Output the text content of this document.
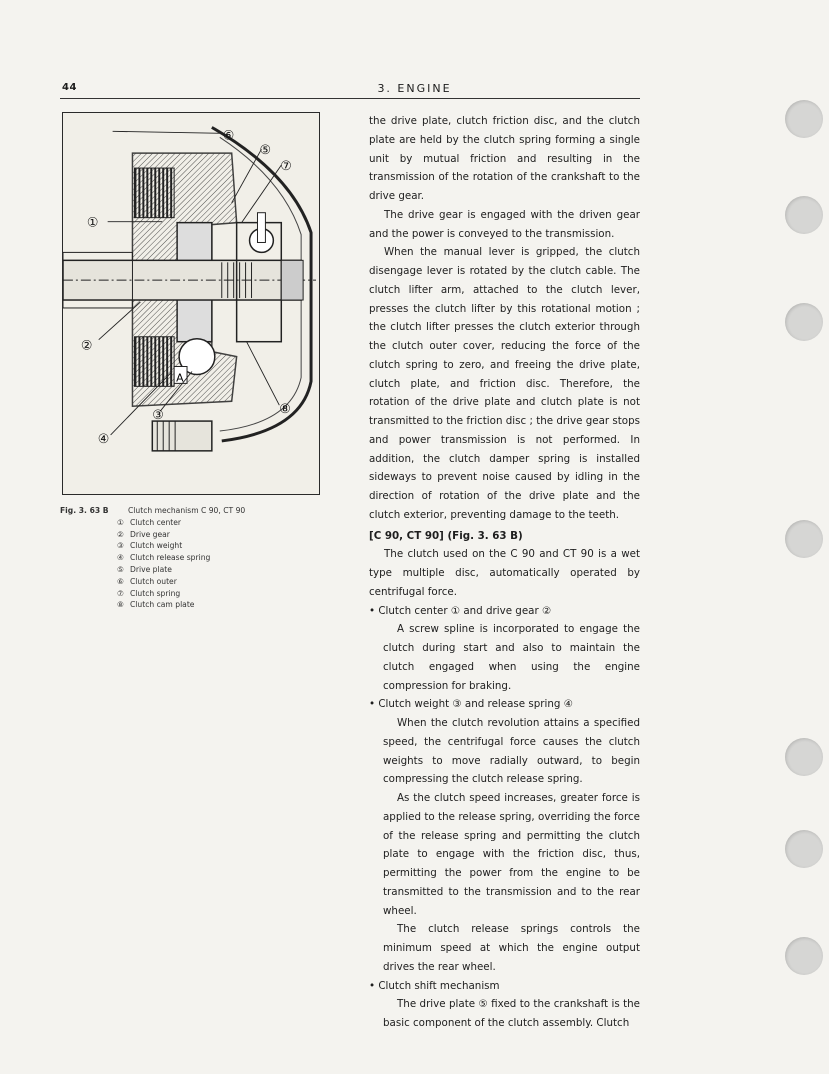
44	3. ENGINE
A
⑥
⑤
⑦
①
②
③
④
⑧
Fig. 3. 63 B	Clutch mechanism C 90, CT 90
① Clutch center
② Drive gear
③ Clutch weight
④ Clutch release spring
⑤ Drive plate
⑥ Clutch outer
⑦ Clutch spring
⑧ Clutch cam plate

the drive plate, clutch friction disc, and the clutch plate are held by the clutch spring forming a single unit by mutual friction and resulting in the transmission of the rotation of the crankshaft to the drive gear.

The drive gear is engaged with the driven gear and the power is conveyed to the transmission.

When the manual lever is gripped, the clutch disengage lever is rotated by the clutch cable. The clutch lifter arm, attached to the clutch lever, presses the clutch lifter by this rotational motion ; the clutch lifter presses the clutch exterior through the clutch outer cover, reducing the force of the clutch spring to zero, and freeing the drive plate, clutch plate, and friction disc. Therefore, the rotation of the drive plate and clutch plate is not transmitted to the friction disc ; the drive gear stops and power transmission is not performed. In addition, the clutch damper spring is installed sideways to prevent noise caused by idling in the direction of rotation of the drive plate and the clutch exterior, preventing damage to the teeth.

[C 90, CT 90] (Fig. 3. 63 B)

The clutch used on the C 90 and CT 90 is a wet type multiple disc, automatically operated by centrifugal force.

• Clutch center ① and drive gear ②

A screw spline is incorporated to engage the clutch during start and also to maintain the clutch engaged when using the engine compression for braking.

• Clutch weight ③ and release spring ④

When the clutch revolution attains a specified speed, the centrifugal force causes the clutch weights to move radially outward, to begin compressing the clutch release spring.

As the clutch speed increases, greater force is applied to the release spring, overriding the force of the release spring and permitting the clutch plate to engage with the friction disc, thus, permitting the power from the engine to be transmitted to the transmission and to the rear wheel.

The clutch release springs controls the minimum speed at which the engine output drives the rear wheel.

• Clutch shift mechanism

The drive plate ⑤ fixed to the crankshaft is the basic component of the clutch assembly. Clutch
